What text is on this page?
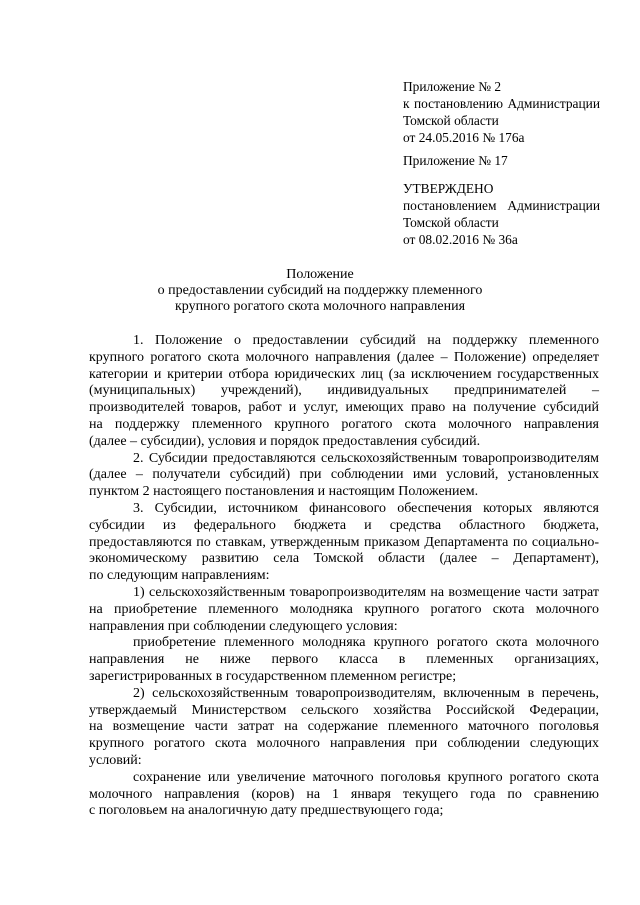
Приложение № 2
к постановлению Администрации
Томской области
от 24.05.2016 № 176а
Приложение № 17
УТВЕРЖДЕНО
постановлением Администрации
Томской области
от 08.02.2016 № 36а
Положение
о предоставлении субсидий на поддержку племенного
крупного рогатого скота молочного направления
1. Положение о предоставлении субсидий на поддержку племенного
крупного рогатого скота молочного направления (далее – Положение) определяет
категории и критерии отбора юридических лиц (за исключением государственных
(муниципальных) учреждений), индивидуальных предпринимателей –
производителей товаров, работ и услуг, имеющих право на получение субсидий
на поддержку племенного крупного рогатого скота молочного направления
(далее – субсидии), условия и порядок предоставления субсидий.
2. Субсидии предоставляются сельскохозяйственным товаропроизводителям
(далее – получатели субсидий) при соблюдении ими условий, установленных
пунктом 2 настоящего постановления и настоящим Положением.
3. Субсидии, источником финансового обеспечения которых являются
субсидии из федерального бюджета и средства областного бюджета,
предоставляются по ставкам, утвержденным приказом Департамента по социально-
экономическому развитию села Томской области (далее – Департамент),
по следующим направлениям:
1) сельскохозяйственным товаропроизводителям на возмещение части затрат
на приобретение племенного молодняка крупного рогатого скота молочного
направления при соблюдении следующего условия:
приобретение племенного молодняка крупного рогатого скота молочного
направления не ниже первого класса в племенных организациях,
зарегистрированных в государственном племенном регистре;
2) сельскохозяйственным товаропроизводителям, включенным в перечень,
утверждаемый Министерством сельского хозяйства Российской Федерации,
на возмещение части затрат на содержание племенного маточного поголовья
крупного рогатого скота молочного направления при соблюдении следующих
условий:
сохранение или увеличение маточного поголовья крупного рогатого скота
молочного направления (коров) на 1 января текущего года по сравнению
с поголовьем на аналогичную дату предшествующего года;
